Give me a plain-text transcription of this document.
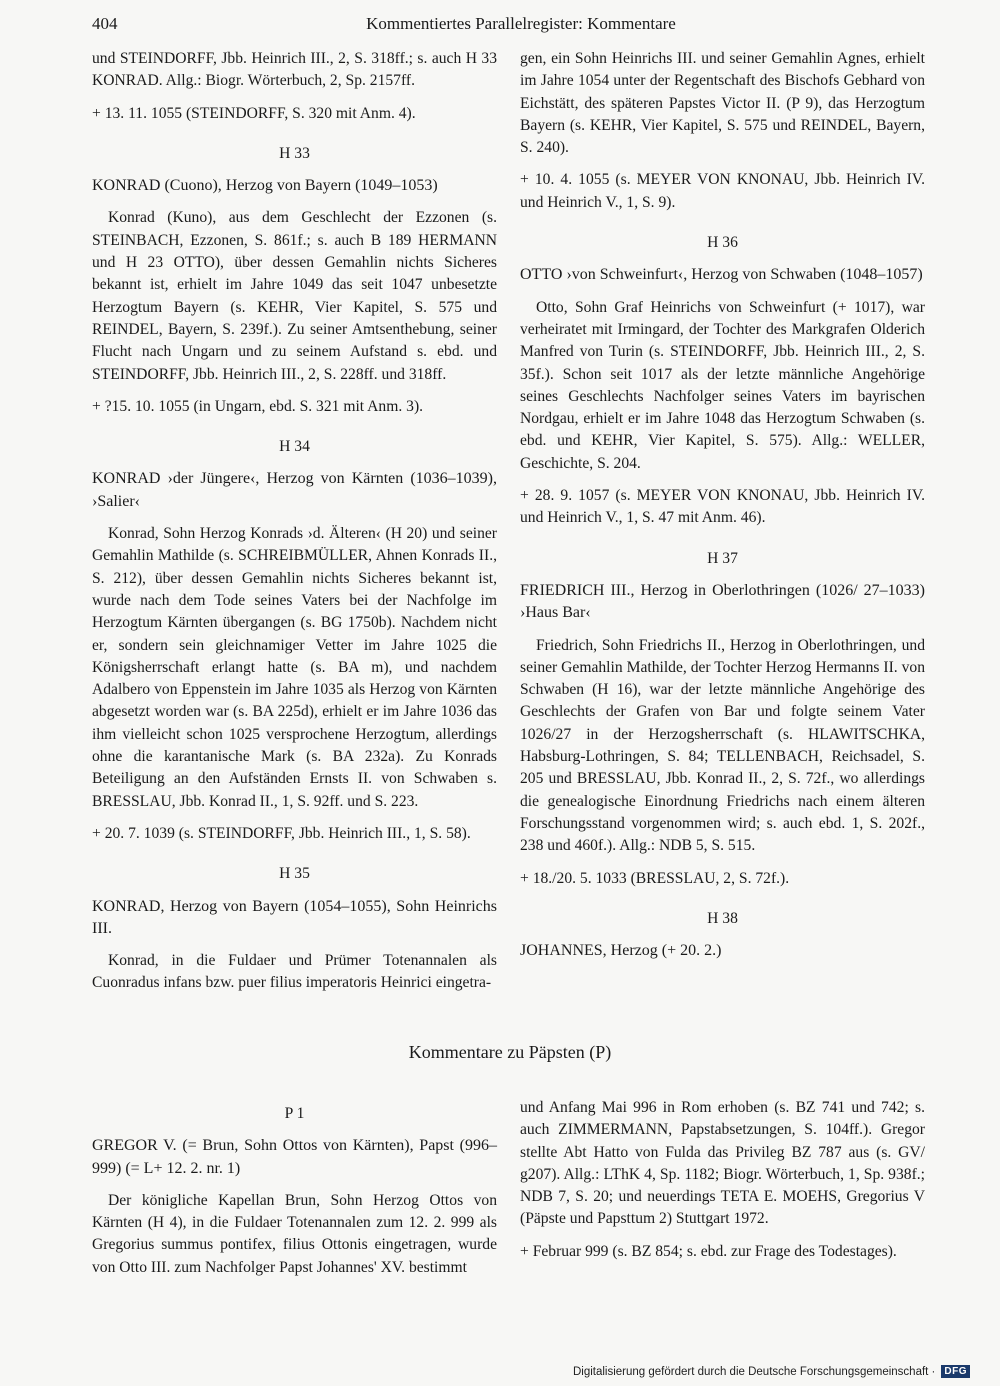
404	Kommentiertes Parallelregister: Kommentare

und STEINDORFF, Jbb. Heinrich III., 2, S. 318ff.; s. auch H 33 KONRAD. Allg.: Biogr. Wörterbuch, 2, Sp. 2157ff.

+ 13. 11. 1055 (STEINDORFF, S. 320 mit Anm. 4).

H 33

KONRAD (Cuono), Herzog von Bayern (1049–1053)

Konrad (Kuno), aus dem Geschlecht der Ezzonen (s. STEINBACH, Ezzonen, S. 861f.; s. auch B 189 HERMANN und H 23 OTTO), über dessen Gemahlin nichts Sicheres bekannt ist, erhielt im Jahre 1049 das seit 1047 unbesetzte Herzogtum Bayern (s. KEHR, Vier Kapitel, S. 575 und REINDEL, Bayern, S. 239f.). Zu seiner Amtsenthebung, seiner Flucht nach Ungarn und zu seinem Aufstand s. ebd. und STEINDORFF, Jbb. Heinrich III., 2, S. 228ff. und 318ff.

+ ?15. 10. 1055 (in Ungarn, ebd. S. 321 mit Anm. 3).

H 34

KONRAD ›der Jüngere‹, Herzog von Kärnten (1036–1039), ›Salier‹

Konrad, Sohn Herzog Konrads ›d. Älteren‹ (H 20) und seiner Gemahlin Mathilde (s. SCHREIBMÜLLER, Ahnen Konrads II., S. 212), über dessen Gemahlin nichts Sicheres bekannt ist, wurde nach dem Tode seines Vaters bei der Nachfolge im Herzogtum Kärnten übergangen (s. BG 1750b). Nachdem nicht er, sondern sein gleichnamiger Vetter im Jahre 1025 die Königsherrschaft erlangt hatte (s. BA m), und nachdem Adalbero von Eppenstein im Jahre 1035 als Herzog von Kärnten abgesetzt worden war (s. BA 225d), erhielt er im Jahre 1036 das ihm vielleicht schon 1025 versprochene Herzogtum, allerdings ohne die karantanische Mark (s. BA 232a). Zu Konrads Beteiligung an den Aufständen Ernsts II. von Schwaben s. BRESSLAU, Jbb. Konrad II., 1, S. 92ff. und S. 223.

+ 20. 7. 1039 (s. STEINDORFF, Jbb. Heinrich III., 1, S. 58).

H 35

KONRAD, Herzog von Bayern (1054–1055), Sohn Heinrichs III.

Konrad, in die Fuldaer und Prümer Totenannalen als Cuonradus infans bzw. puer filius imperatoris Heinrici eingetra-

gen, ein Sohn Heinrichs III. und seiner Gemahlin Agnes, erhielt im Jahre 1054 unter der Regentschaft des Bischofs Gebhard von Eichstätt, des späteren Papstes Victor II. (P 9), das Herzogtum Bayern (s. KEHR, Vier Kapitel, S. 575 und REINDEL, Bayern, S. 240).

+ 10. 4. 1055 (s. MEYER VON KNONAU, Jbb. Heinrich IV. und Heinrich V., 1, S. 9).

H 36

OTTO ›von Schweinfurt‹, Herzog von Schwaben (1048–1057)

Otto, Sohn Graf Heinrichs von Schweinfurt (+ 1017), war verheiratet mit Irmingard, der Tochter des Markgrafen Olderich Manfred von Turin (s. STEINDORFF, Jbb. Heinrich III., 2, S. 35f.). Schon seit 1017 als der letzte männliche Angehörige seines Geschlechts Nachfolger seines Vaters im bayrischen Nordgau, erhielt er im Jahre 1048 das Herzogtum Schwaben (s. ebd. und KEHR, Vier Kapitel, S. 575). Allg.: WELLER, Geschichte, S. 204.

+ 28. 9. 1057 (s. MEYER VON KNONAU, Jbb. Heinrich IV. und Heinrich V., 1, S. 47 mit Anm. 46).

H 37

FRIEDRICH III., Herzog in Oberlothringen (1026/ 27–1033) ›Haus Bar‹

Friedrich, Sohn Friedrichs II., Herzog in Oberlothringen, und seiner Gemahlin Mathilde, der Tochter Herzog Hermanns II. von Schwaben (H 16), war der letzte männliche Angehörige des Geschlechts der Grafen von Bar und folgte seinem Vater 1026/27 in der Herzogsherrschaft (s. HLAWITSCHKA, Habsburg-Lothringen, S. 84; TELLENBACH, Reichsadel, S. 205 und BRESSLAU, Jbb. Konrad II., 2, S. 72f., wo allerdings die genealogische Einordnung Friedrichs nach einem älteren Forschungsstand vorgenommen wird; s. auch ebd. 1, S. 202f., 238 und 460f.). Allg.: NDB 5, S. 515.

+ 18./20. 5. 1033 (BRESSLAU, 2, S. 72f.).

H 38

JOHANNES, Herzog (+ 20. 2.)

Kommentare zu Päpsten (P)
P 1

GREGOR V. (= Brun, Sohn Ottos von Kärnten), Papst (996–999) (= L+ 12. 2. nr. 1)

Der königliche Kapellan Brun, Sohn Herzog Ottos von Kärnten (H 4), in die Fuldaer Totenannalen zum 12. 2. 999 als Gregorius summus pontifex, filius Ottonis eingetragen, wurde von Otto III. zum Nachfolger Papst Johannes' XV. bestimmt

und Anfang Mai 996 in Rom erhoben (s. BZ 741 und 742; s. auch ZIMMERMANN, Papstabsetzungen, S. 104ff.). Gregor stellte Abt Hatto von Fulda das Privileg BZ 787 aus (s. GV/ g207). Allg.: LThK 4, Sp. 1182; Biogr. Wörterbuch, 1, Sp. 938f.; NDB 7, S. 20; und neuerdings TETA E. MOEHS, Gregorius V (Päpste und Papsttum 2) Stuttgart 1972.

+ Februar 999 (s. BZ 854; s. ebd. zur Frage des Todestages).

Digitalisierung gefördert durch die Deutsche Forschungsgemeinschaft · DFG
